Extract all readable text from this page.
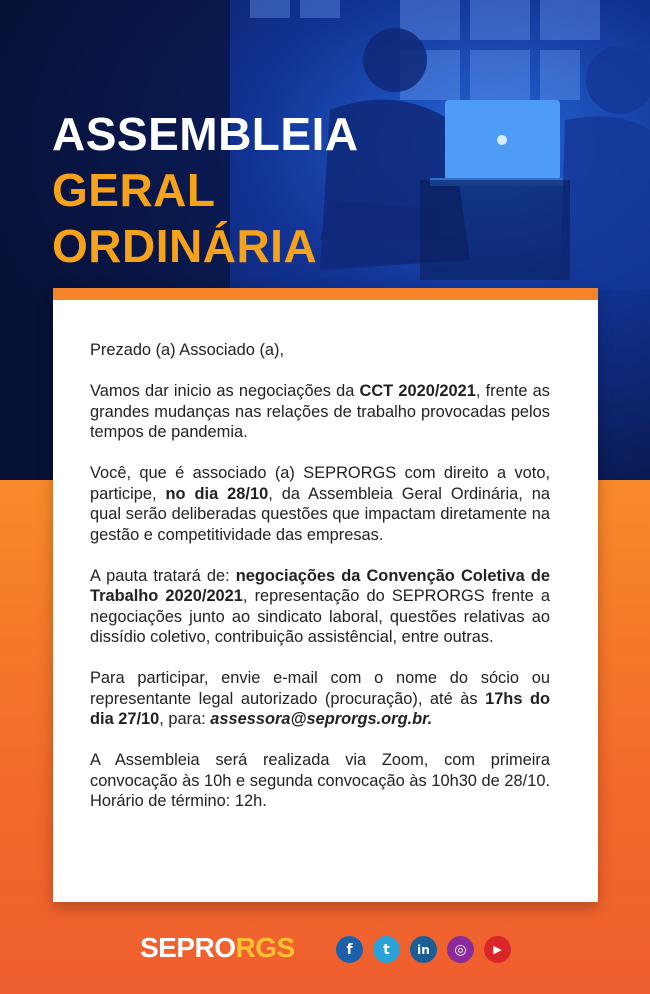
ASSEMBLEIA
GERAL
ORDINÁRIA

Prezado (a) Associado (a),

Vamos dar inicio as negociações da CCT 2020/2021, frente as grandes mudanças nas relações de trabalho provocadas pelos tempos de pandemia.

Você, que é associado (a) SEPRORGS com direito a voto, participe, no dia 28/10, da Assembleia Geral Ordinária, na qual serão deliberadas questões que impactam diretamente na gestão e competitividade das empresas.

A pauta tratará de: negociações da Convenção Coletiva de Trabalho 2020/2021, representação do SEPRORGS frente a negociações junto ao sindicato laboral, questões relativas ao dissídio coletivo, contribuição assistêncial, entre outras.

Para participar, envie e-mail com o nome do sócio ou representante legal autorizado (procuração), até às 17hs do dia 27/10, para: assessora@seprorgs.org.br.

A Assembleia será realizada via Zoom, com primeira convocação às 10h e segunda convocação às 10h30 de 28/10. Horário de término: 12h.

SEPRORGS	f	t	in	◎	▶
